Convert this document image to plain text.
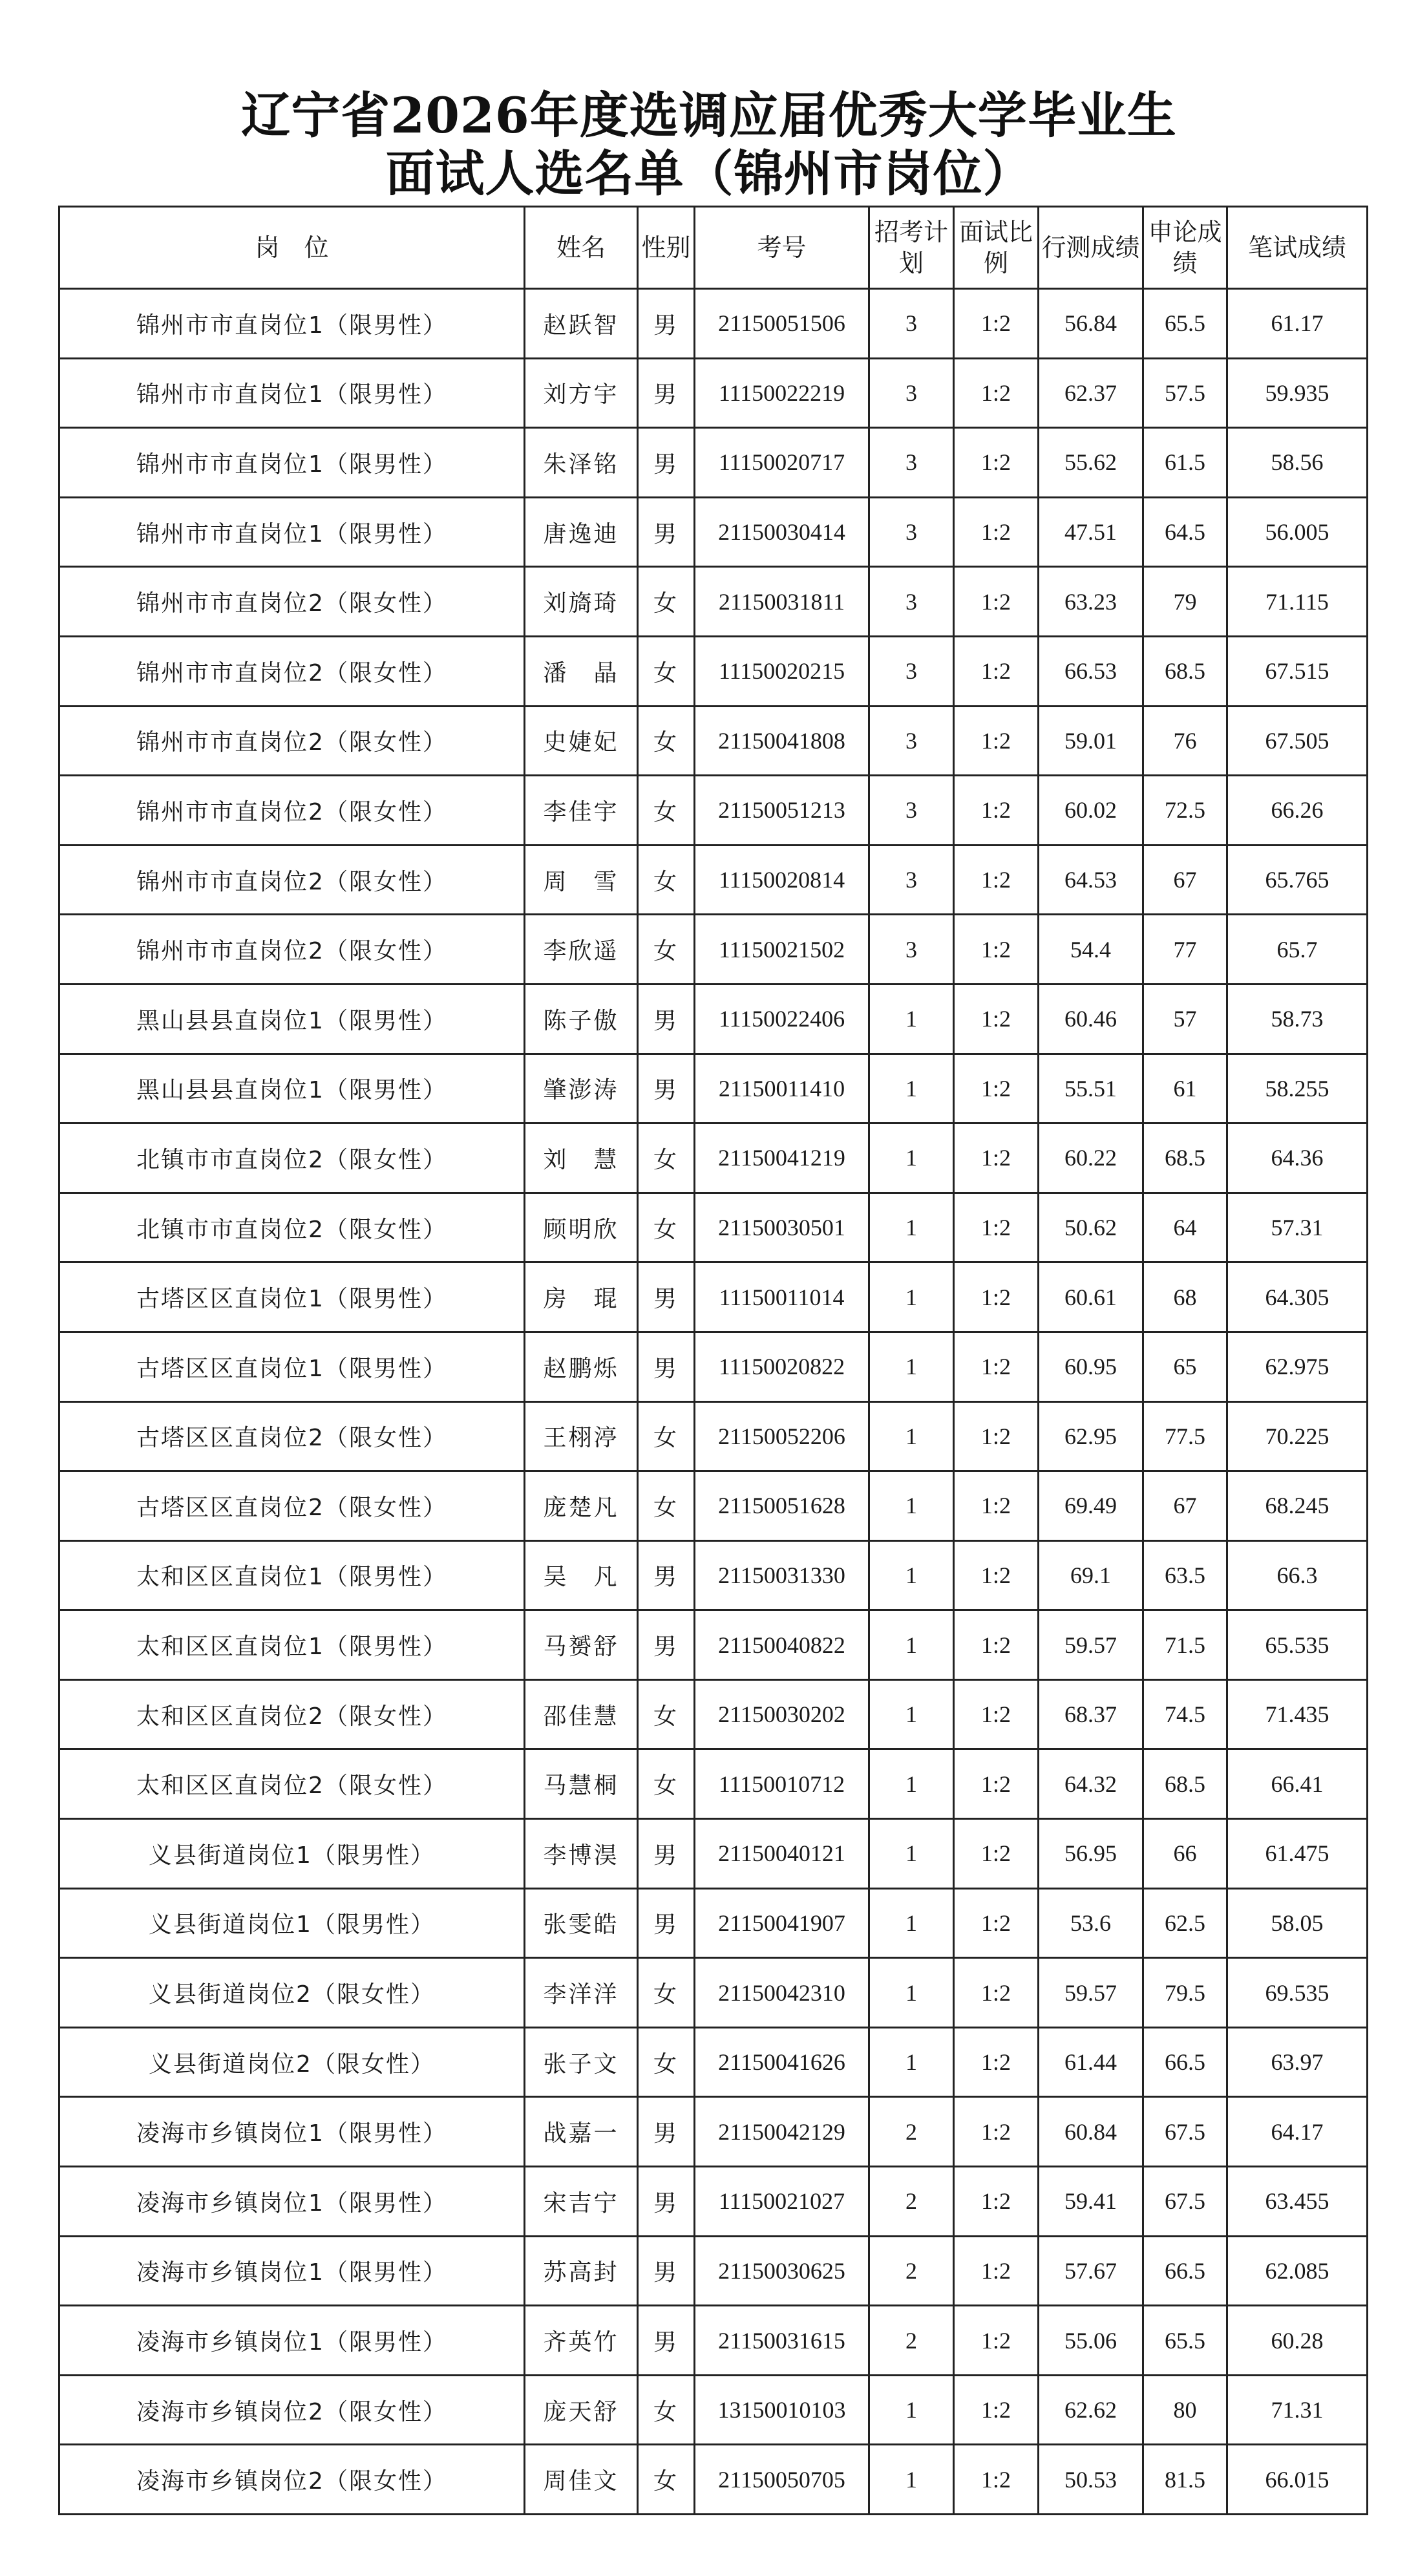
辽宁省2026年度选调应届优秀大学毕业生
面试人选名单（锦州市岗位）
岗　位	姓名	性别	考号	招考计划	面试比例	行测成绩	申论成绩	笔试成绩
锦州市市直岗位1（限男性）	赵跃智	男	21150051506	3	1:2	56.84	65.5	61.17
锦州市市直岗位1（限男性）	刘方宇	男	11150022219	3	1:2	62.37	57.5	59.935
锦州市市直岗位1（限男性）	朱泽铭	男	11150020717	3	1:2	55.62	61.5	58.56
锦州市市直岗位1（限男性）	唐逸迪	男	21150030414	3	1:2	47.51	64.5	56.005
锦州市市直岗位2（限女性）	刘旖琦	女	21150031811	3	1:2	63.23	79	71.115
锦州市市直岗位2（限女性）	潘　晶	女	11150020215	3	1:2	66.53	68.5	67.515
锦州市市直岗位2（限女性）	史婕妃	女	21150041808	3	1:2	59.01	76	67.505
锦州市市直岗位2（限女性）	李佳宇	女	21150051213	3	1:2	60.02	72.5	66.26
锦州市市直岗位2（限女性）	周　雪	女	11150020814	3	1:2	64.53	67	65.765
锦州市市直岗位2（限女性）	李欣遥	女	11150021502	3	1:2	54.4	77	65.7
黑山县县直岗位1（限男性）	陈子傲	男	11150022406	1	1:2	60.46	57	58.73
黑山县县直岗位1（限男性）	肇澎涛	男	21150011410	1	1:2	55.51	61	58.255
北镇市市直岗位2（限女性）	刘　慧	女	21150041219	1	1:2	60.22	68.5	64.36
北镇市市直岗位2（限女性）	顾明欣	女	21150030501	1	1:2	50.62	64	57.31
古塔区区直岗位1（限男性）	房　琨	男	11150011014	1	1:2	60.61	68	64.305
古塔区区直岗位1（限男性）	赵鹏烁	男	11150020822	1	1:2	60.95	65	62.975
古塔区区直岗位2（限女性）	王栩渟	女	21150052206	1	1:2	62.95	77.5	70.225
古塔区区直岗位2（限女性）	庞楚凡	女	21150051628	1	1:2	69.49	67	68.245
太和区区直岗位1（限男性）	吴　凡	男	21150031330	1	1:2	69.1	63.5	66.3
太和区区直岗位1（限男性）	马赟舒	男	21150040822	1	1:2	59.57	71.5	65.535
太和区区直岗位2（限女性）	邵佳慧	女	21150030202	1	1:2	68.37	74.5	71.435
太和区区直岗位2（限女性）	马慧桐	女	11150010712	1	1:2	64.32	68.5	66.41
义县街道岗位1（限男性）	李博淏	男	21150040121	1	1:2	56.95	66	61.475
义县街道岗位1（限男性）	张雯皓	男	21150041907	1	1:2	53.6	62.5	58.05
义县街道岗位2（限女性）	李洋洋	女	21150042310	1	1:2	59.57	79.5	69.535
义县街道岗位2（限女性）	张子文	女	21150041626	1	1:2	61.44	66.5	63.97
凌海市乡镇岗位1（限男性）	战嘉一	男	21150042129	2	1:2	60.84	67.5	64.17
凌海市乡镇岗位1（限男性）	宋吉宁	男	11150021027	2	1:2	59.41	67.5	63.455
凌海市乡镇岗位1（限男性）	苏高封	男	21150030625	2	1:2	57.67	66.5	62.085
凌海市乡镇岗位1（限男性）	齐英竹	男	21150031615	2	1:2	55.06	65.5	60.28
凌海市乡镇岗位2（限女性）	庞天舒	女	13150010103	1	1:2	62.62	80	71.31
凌海市乡镇岗位2（限女性）	周佳文	女	21150050705	1	1:2	50.53	81.5	66.015
